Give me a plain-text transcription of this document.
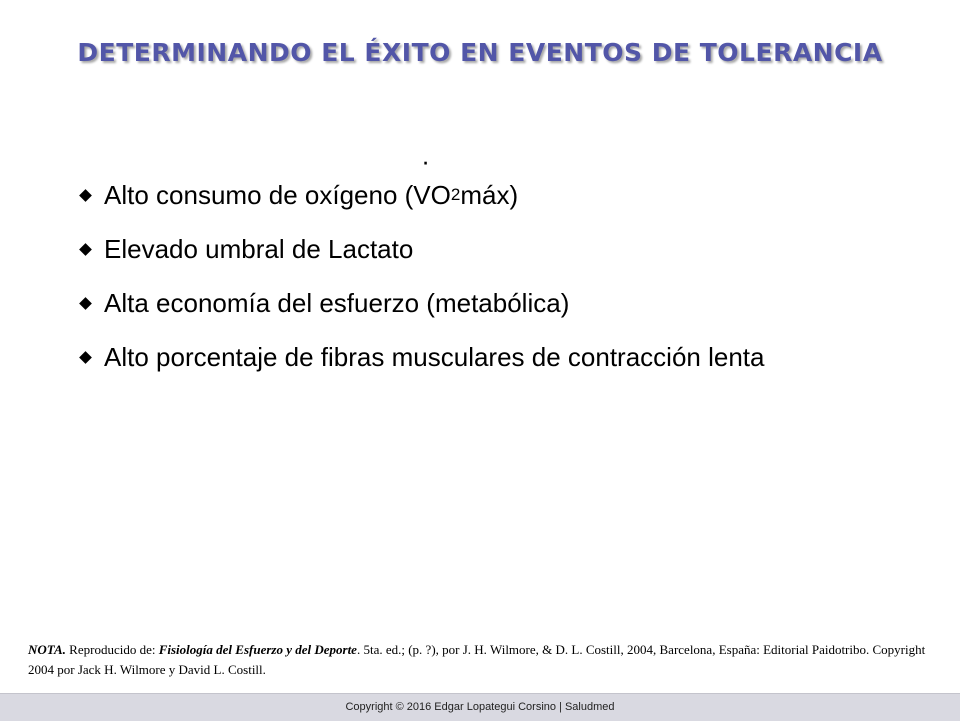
DETERMINANDO EL ÉXITO EN EVENTOS DE TOLERANCIA
Alto consumo de oxígeno (
·
V O 2 máx)
Elevado umbral de Lactato
Alta economía del esfuerzo (metabólica)
Alto porcentaje de fibras musculares de contracción lenta
NOTA. Reproducido de: Fisiología del Esfuerzo y del Deporte. 5ta. ed.; (p. ?), por J. H. Wilmore, & D. L. Costill, 2004, Barcelona, España: Editorial Paidotribo. Copyright 2004 por Jack H. Wilmore y David L. Costill.
Copyright © 2016 Edgar Lopategui Corsino | Saludmed
